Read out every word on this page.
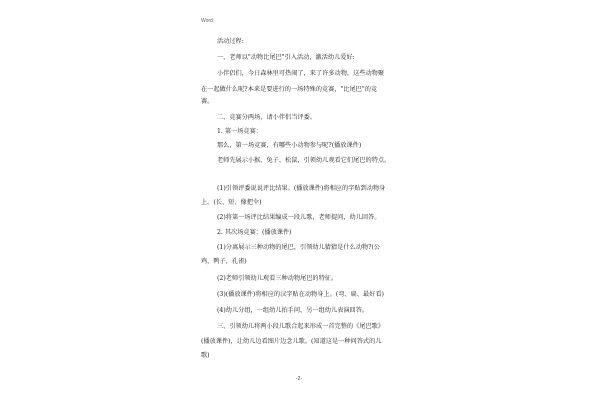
Word
活动过程:
一、老师以"动物比尾巴"引入活动，激活幼儿爱好:
小伴侣们，今日森林里可热闹了，来了许多动物，这些动物聚
在一起做什么呢?本来是要进行的一场特殊的竞赛，"比尾巴"的竞
赛。
二、竞赛分两场，请小伴侣当评委。
1. 第一场竞赛：
那么，第一场竞赛，有哪些小动物参与呢?(播放课件)
老师先展示小猴、兔子、松鼠，引领幼儿观看它们尾巴的特点。
(1)引领评委说说评比结果。(播放课件)将相应的字贴到动物身
上。(长、短、像把伞)
(2)将第一场评比结果编成一段儿歌，老师提问，幼儿回答。
2. 其次场竞赛：(播放课件)
(1)分离展示三种动物的尾巴，引领幼儿猜猜是什么动物?(公
鸡，鸭子，孔雀)
(2)老师引领幼儿观看三种动物尾巴的特征。
(3)(播放课件)将相应的汉字贴在动物身上。(弯、扁、最好看)
(4)幼儿分组，一组幼儿拍手问，另一组幼儿表演回答。
三、引领幼儿将两小段儿歌合起来形成一首完整的《尾巴歌》
(播放课件)，让幼儿边看图片边念儿歌。(知道这是一种问答式的儿
歌)
-2-
